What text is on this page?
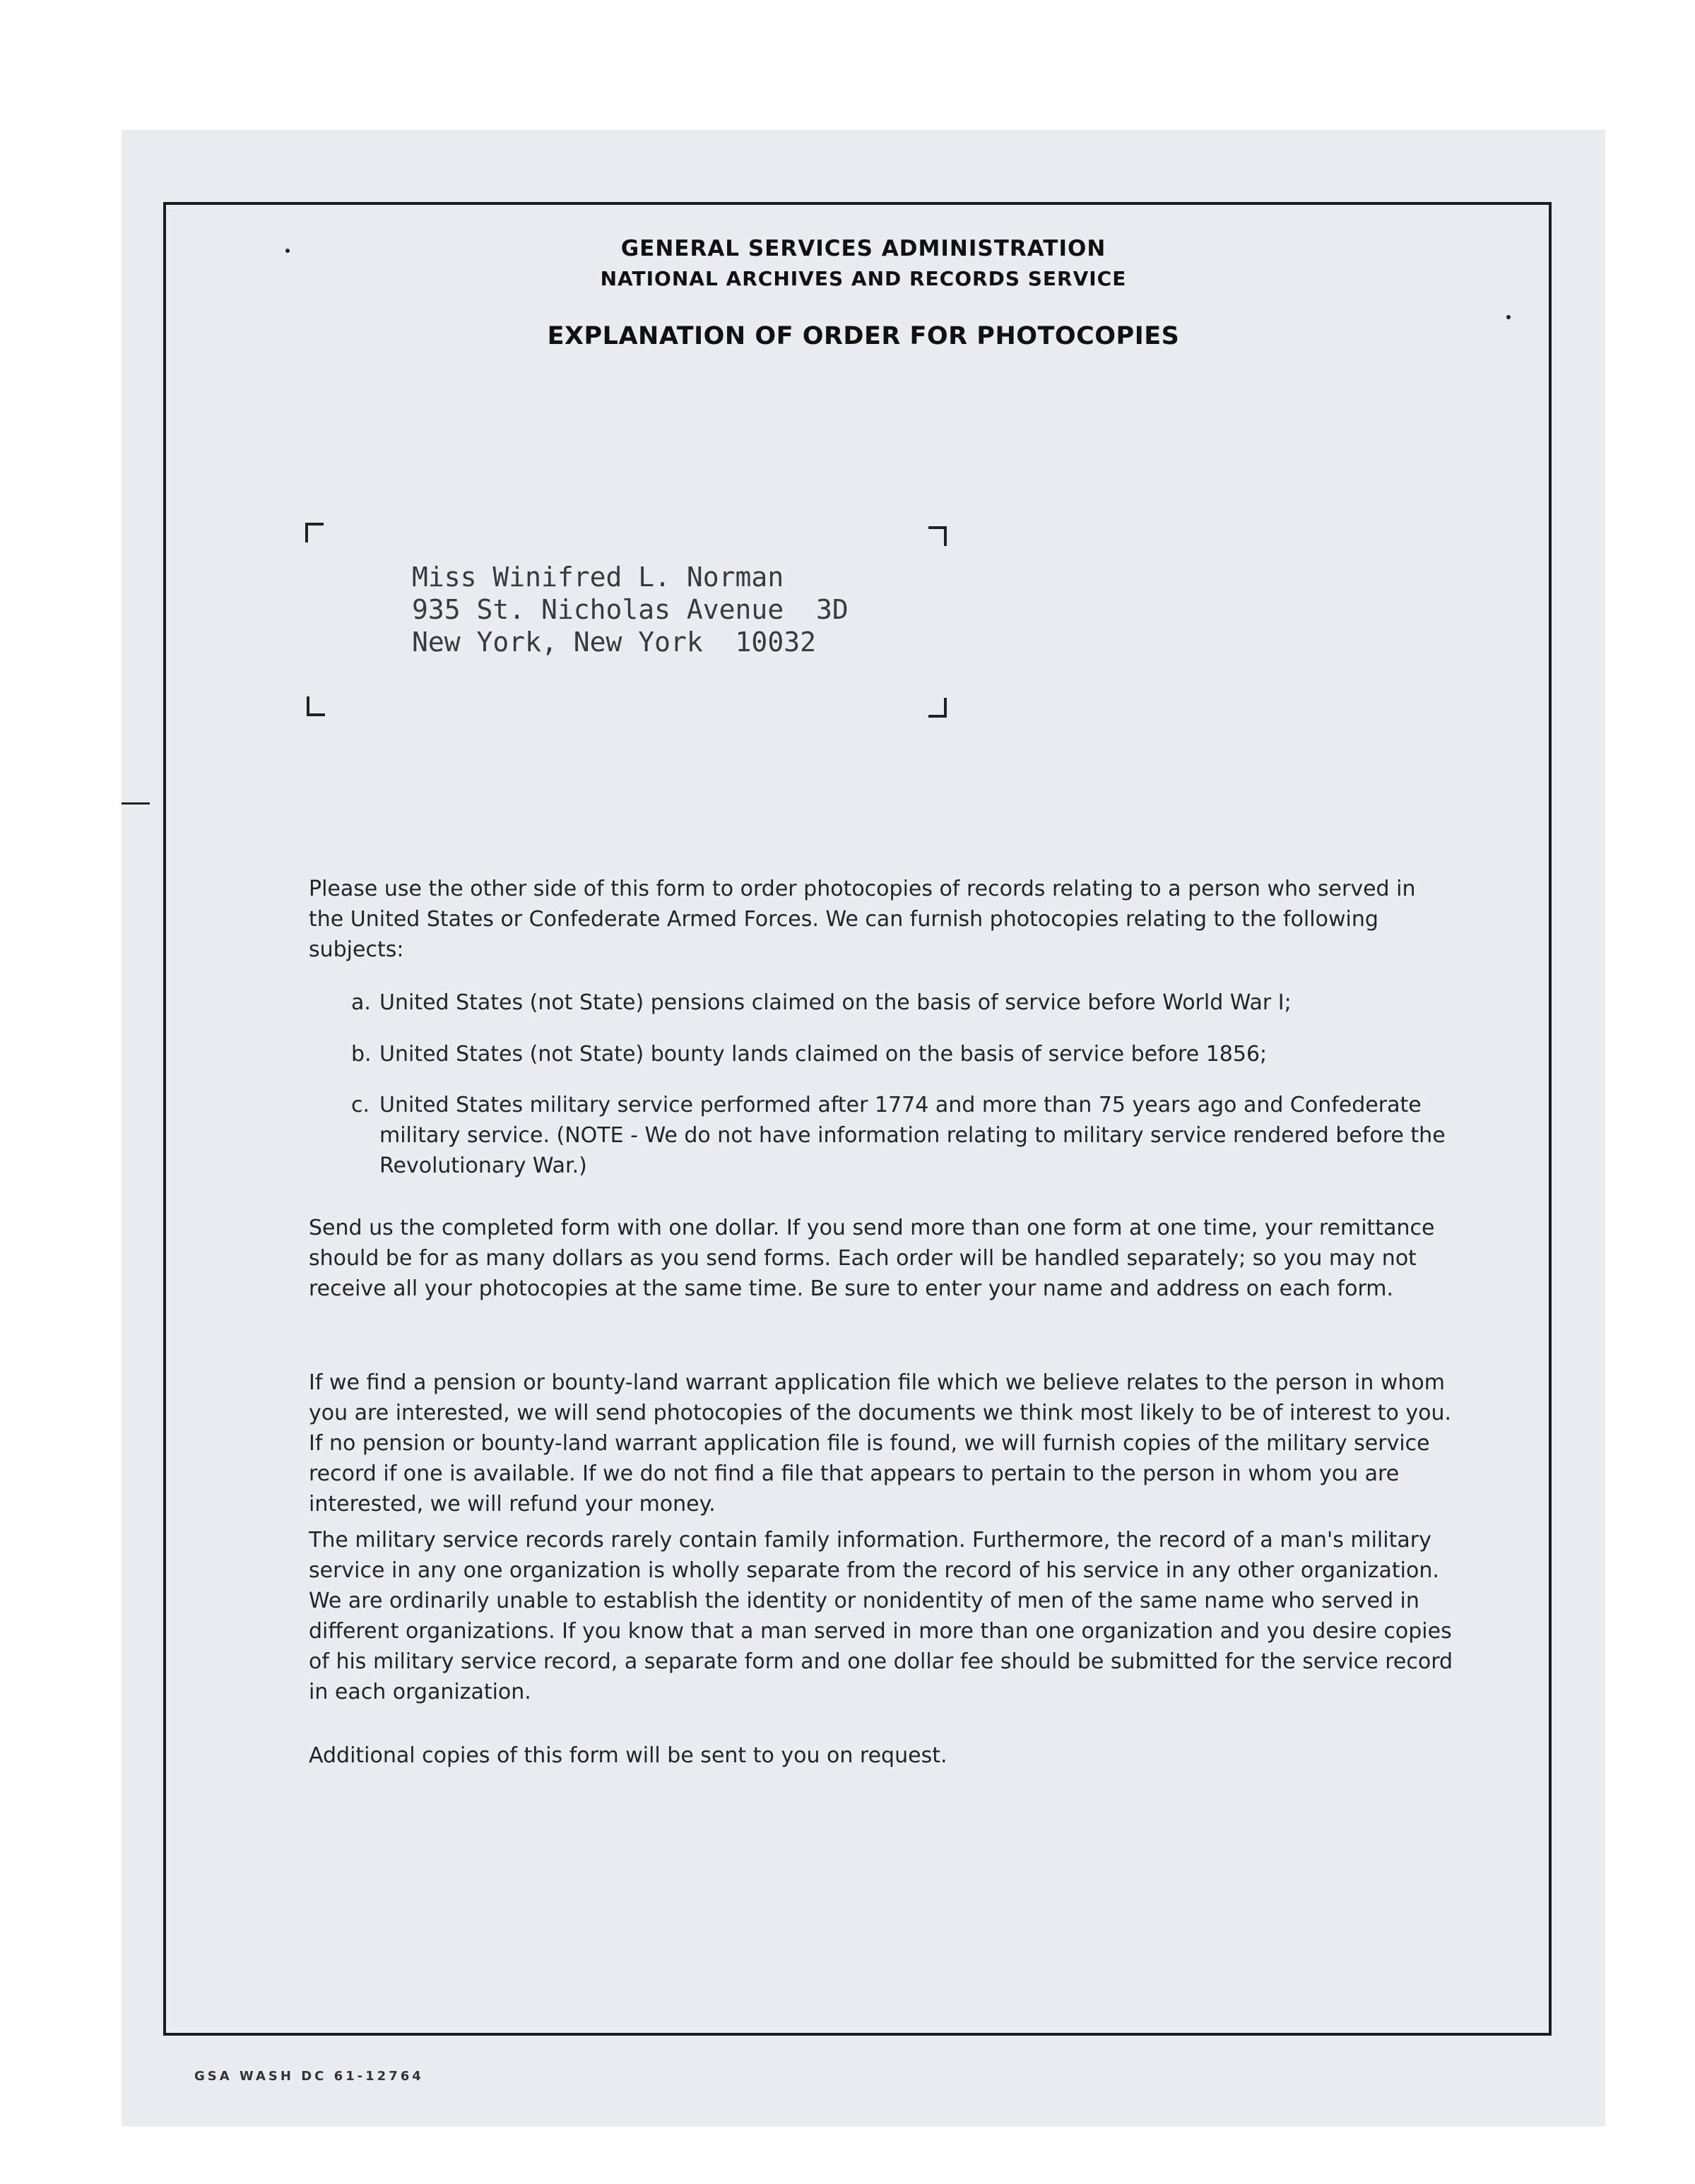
GENERAL SERVICES ADMINISTRATION
NATIONAL ARCHIVES AND RECORDS SERVICE
EXPLANATION OF ORDER FOR PHOTOCOPIES
Miss Winifred L. Norman
935 St. Nicholas Avenue  3D
New York, New York  10032

Please use the other side of this form to order photocopies of records relating to a person who served in the United States or Confederate Armed Forces. We can furnish photocopies relating to the following subjects:

a. United States (not State) pensions claimed on the basis of service before World War I;
b. United States (not State) bounty lands claimed on the basis of service before 1856;
c. United States military service performed after 1774 and more than 75 years ago and Confederate military service. (NOTE - We do not have information relating to military service rendered before the Revolutionary War.)

Send us the completed form with one dollar. If you send more than one form at one time, your remittance should be for as many dollars as you send forms. Each order will be handled separately; so you may not receive all your photocopies at the same time. Be sure to enter your name and address on each form.

If we find a pension or bounty-land warrant application file which we believe relates to the person in whom you are interested, we will send photocopies of the documents we think most likely to be of interest to you. If no pension or bounty-land warrant application file is found, we will furnish copies of the military service record if one is available. If we do not find a file that appears to pertain to the person in whom you are interested, we will refund your money.

The military service records rarely contain family information. Furthermore, the record of a man's military service in any one organization is wholly separate from the record of his service in any other organization. We are ordinarily unable to establish the identity or nonidentity of men of the same name who served in different organizations. If you know that a man served in more than one organization and you desire copies of his military service record, a separate form and one dollar fee should be submitted for the service record in each organization.

Additional copies of this form will be sent to you on request.

GSA WASH DC 61-12764
